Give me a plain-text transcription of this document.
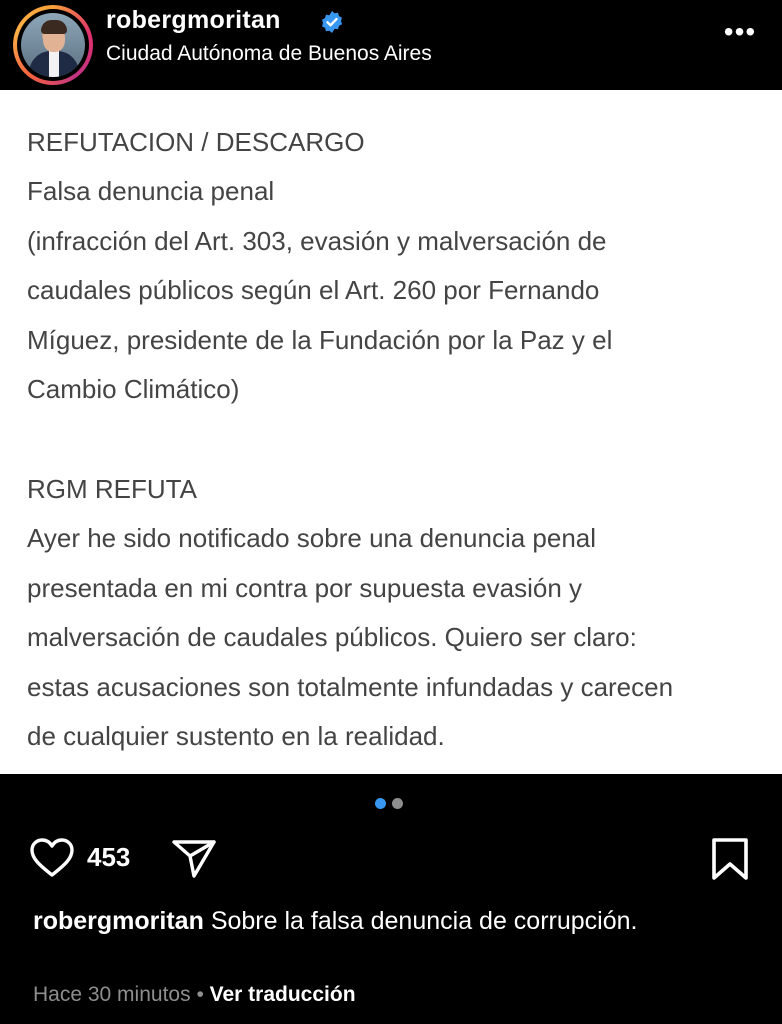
robergmoritan
Ciudad Autónoma de Buenos Aires
•••
REFUTACION / DESCARGO
Falsa denuncia penal
(infracción del Art. 303, evasión y malversación de
caudales públicos según el Art. 260 por Fernando
Míguez, presidente de la Fundación por la Paz y el
Cambio Climático)
RGM REFUTA
Ayer he sido notificado sobre una denuncia penal
presentada en mi contra por supuesta evasión y
malversación de caudales públicos. Quiero ser claro:
estas acusaciones son totalmente infundadas y carecen
de cualquier sustento en la realidad.
453
robergmoritan Sobre la falsa denuncia de corrupción.
Hace 30 minutos • Ver traducción
